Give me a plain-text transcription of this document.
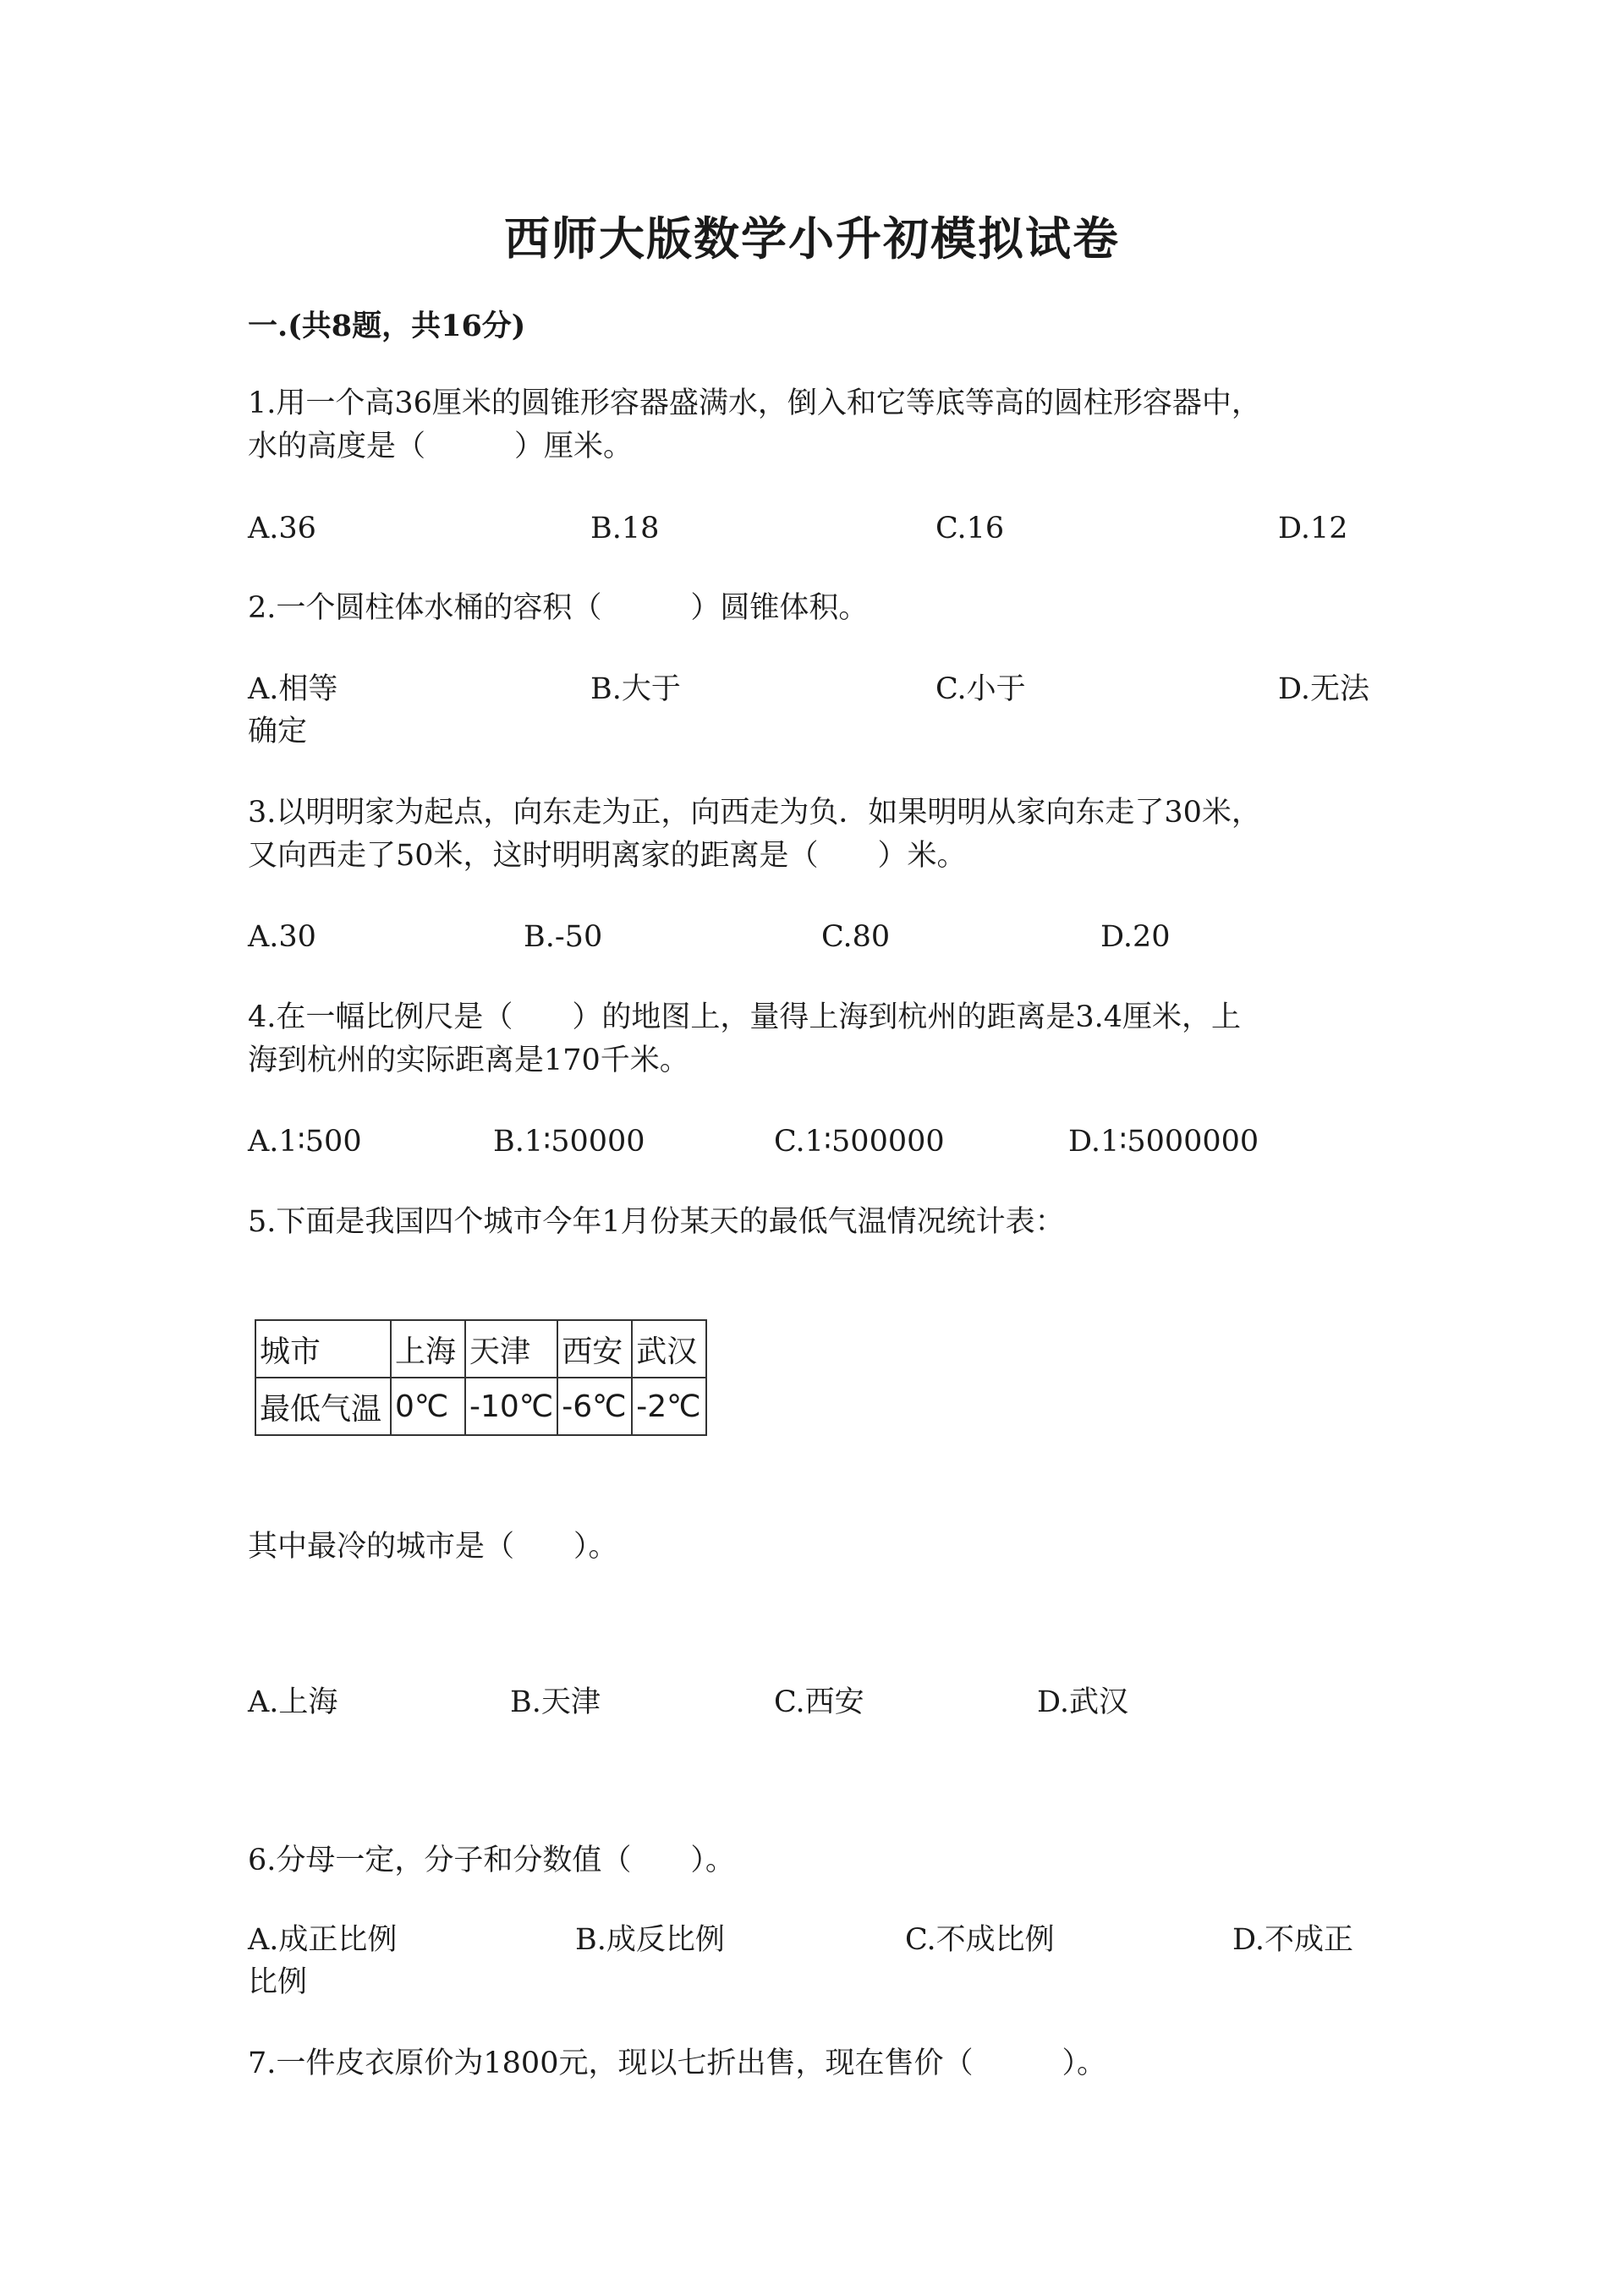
西师大版数学小升初模拟试卷
一.(共8题，共16分)
1.用一个高36厘米的圆锥形容器盛满水，倒入和它等底等高的圆柱形容器中，
水的高度是（　　　）厘米。
A.36	B.18	C.16	D.12
2.一个圆柱体水桶的容积（　　　）圆锥体积。
A.相等	B.大于	C.小于	D.无法
确定
3.以明明家为起点，向东走为正，向西走为负．如果明明从家向东走了30米，
又向西走了50米，这时明明离家的距离是（　　）米。
A.30	B.-50	C.80	D.20
4.在一幅比例尺是（　　）的地图上，量得上海到杭州的距离是3.4厘米，上
海到杭州的实际距离是170千米。
A.1∶500	B.1∶50000	C.1∶500000	D.1∶5000000
5.下面是我国四个城市今年1月份某天的最低气温情况统计表：
城市	上海	天津	西安	武汉
最低气温	0℃	-10℃	-6℃	-2℃
其中最冷的城市是（　　）。
A.上海	B.天津	C.西安	D.武汉
6.分母一定，分子和分数值（　　）。
A.成正比例	B.成反比例	C.不成比例	D.不成正
比例
7.一件皮衣原价为1800元，现以七折出售，现在售价（　　　）。
